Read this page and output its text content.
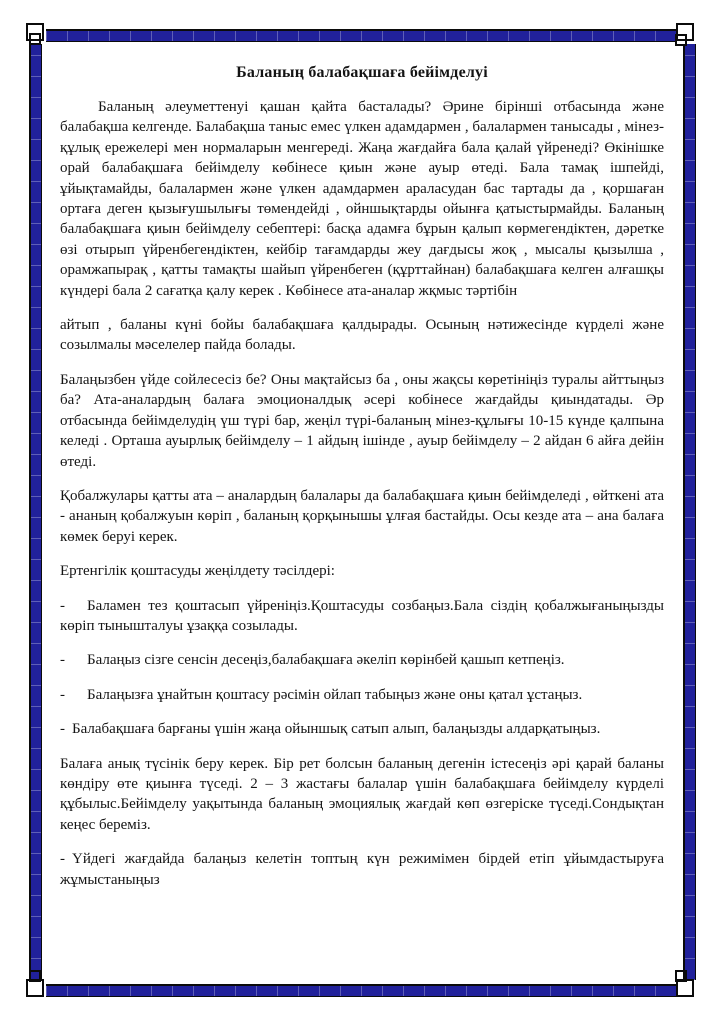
Баланың балабақшаға бейімделуі

Баланың әлеуметтенуі қашан қайта басталады? Әрине бірінші отбасында және балабақша келгенде. Балабақша таныс емес үлкен адамдармен , балалармен танысады , мінез-құлық ережелері мен нормаларын менгереді. Жаңа жағдайға бала қалай үйренеді? Өкінішке орай балабақшаға бейімделу көбінесе қиын және ауыр өтеді. Бала тамақ ішпейді, ұйықтамайды, балалармен және үлкен адамдармен араласудан бас тартады да , қоршаған ортаға деген қызығушылығы төмендейді , ойншықтарды ойынға қатыстырмайды. Баланың балабақшаға қиын бейімделу себептері: басқа адамға бұрын қалып көрмегендіктен, дәретке өзі отырып үйренбегендіктен, кейбір тағамдарды жеу дағдысы жоқ , мысалы қызылша , орамжапырақ , қатты тамақты шайып үйренбеген (құрттайнан) балабақшаға келген алғашқы күндері бала 2 сағатқа қалу керек . Көбінесе ата-аналар жқмыс тәртібін

айтып , баланы күні бойы балабақшаға қалдырады. Осының нәтижесінде күрделі және созылмалы мәселелер пайда болады.

Балаңызбен үйде сойлесесіз бе? Оны мақтайсыз ба , оны жақсы көретініңіз туралы айттыңыз ба? Ата-аналардың балаға эмоционалдық әсері кобінесе жағдайды қиындатады. Әр отбасында бейімделудің үш түрі бар, жеңіл түрі-баланың мінез-құлығы 10-15 күнде қалпына келеді . Орташа ауырлық бейімделу – 1 айдың ішінде , ауыр бейімделу – 2 айдан 6 айға дейін өтеді.

Қобалжулары қатты ата – аналардың балалары да балабақшаға қиын бейімделеді , өйткені ата - ананың қобалжуын көріп , баланың қорқынышы ұлғая бастайды. Осы кезде ата – ана балаға көмек беруі керек.

Ертенгілік қоштасуды жеңілдету тәсілдері:

- Баламен тез қоштасып үйреніңіз.Қоштасуды созбаңыз.Бала сіздің қобалжығаныңызды көріп тынышталуы ұзаққа созылады.

- Балаңыз сізге сенсін десеңіз,балабақшаға әкеліп көрінбей қашып кетпеңіз.

- Балаңызға ұнайтын қоштасу рәсімін ойлап табыңыз және оны қатал ұстаңыз.

- Балабақшаға барғаны үшін жаңа ойыншық сатып алып, балаңызды алдарқатыңыз.

Балаға анық түсінік беру керек. Бір рет болсын баланың дегенін істесеңіз әрі қарай баланы көндіру өте қиынға түседі. 2 – 3 жастағы балалар үшін балабақшаға бейімделу күрделі құбылыс.Бейімделу уақытында баланың эмоциялық жағдай көп өзгеріске түседі.Сондықтан кеңес береміз.

- Үйдегі жағдайда балаңыз келетін топтың күн режимімен бірдей етіп ұйымдастыруға жұмыстаныңыз
